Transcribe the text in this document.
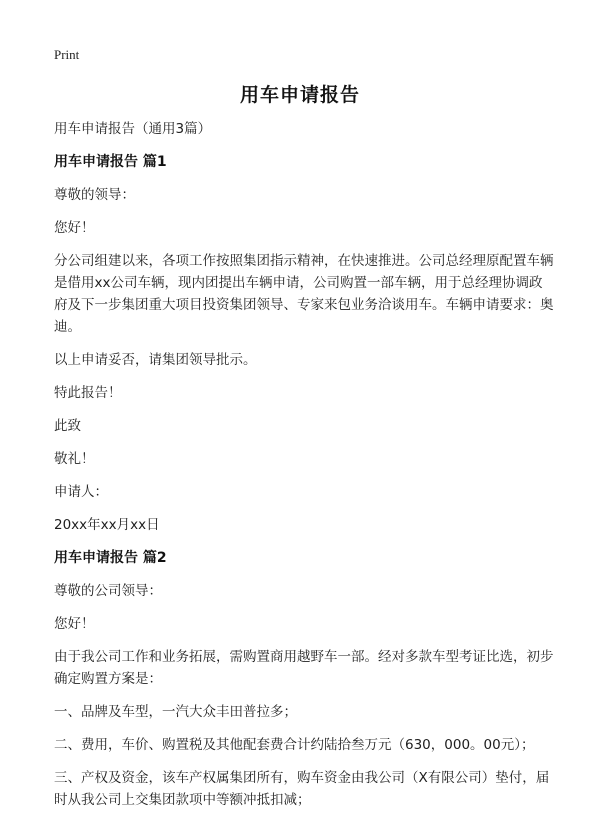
Print
用车申请报告
用车申请报告（通用3篇）
用车申请报告 篇1
尊敬的领导：
您好！
分公司组建以来，各项工作按照集团指示精神，在快速推进。公司总经理原配置车辆是借用xx公司车辆，现内团提出车辆申请，公司购置一部车辆，用于总经理协调政府及下一步集团重大项目投资集团领导、专家来包业务洽谈用车。车辆申请要求：奥迪。
以上申请妥否，请集团领导批示。
特此报告！
此致
敬礼！
申请人：
20xx年xx月xx日
用车申请报告 篇2
尊敬的公司领导：
您好！
由于我公司工作和业务拓展，需购置商用越野车一部。经对多款车型考证比选，初步确定购置方案是：
一、品牌及车型，一汽大众丰田普拉多；
二、费用，车价、购置税及其他配套费合计约陆拾叁万元（630，000。00元）；
三、产权及资金，该车产权属集团所有，购车资金由我公司（X有限公司）垫付，届时从我公司上交集团款项中等额冲抵扣减；
